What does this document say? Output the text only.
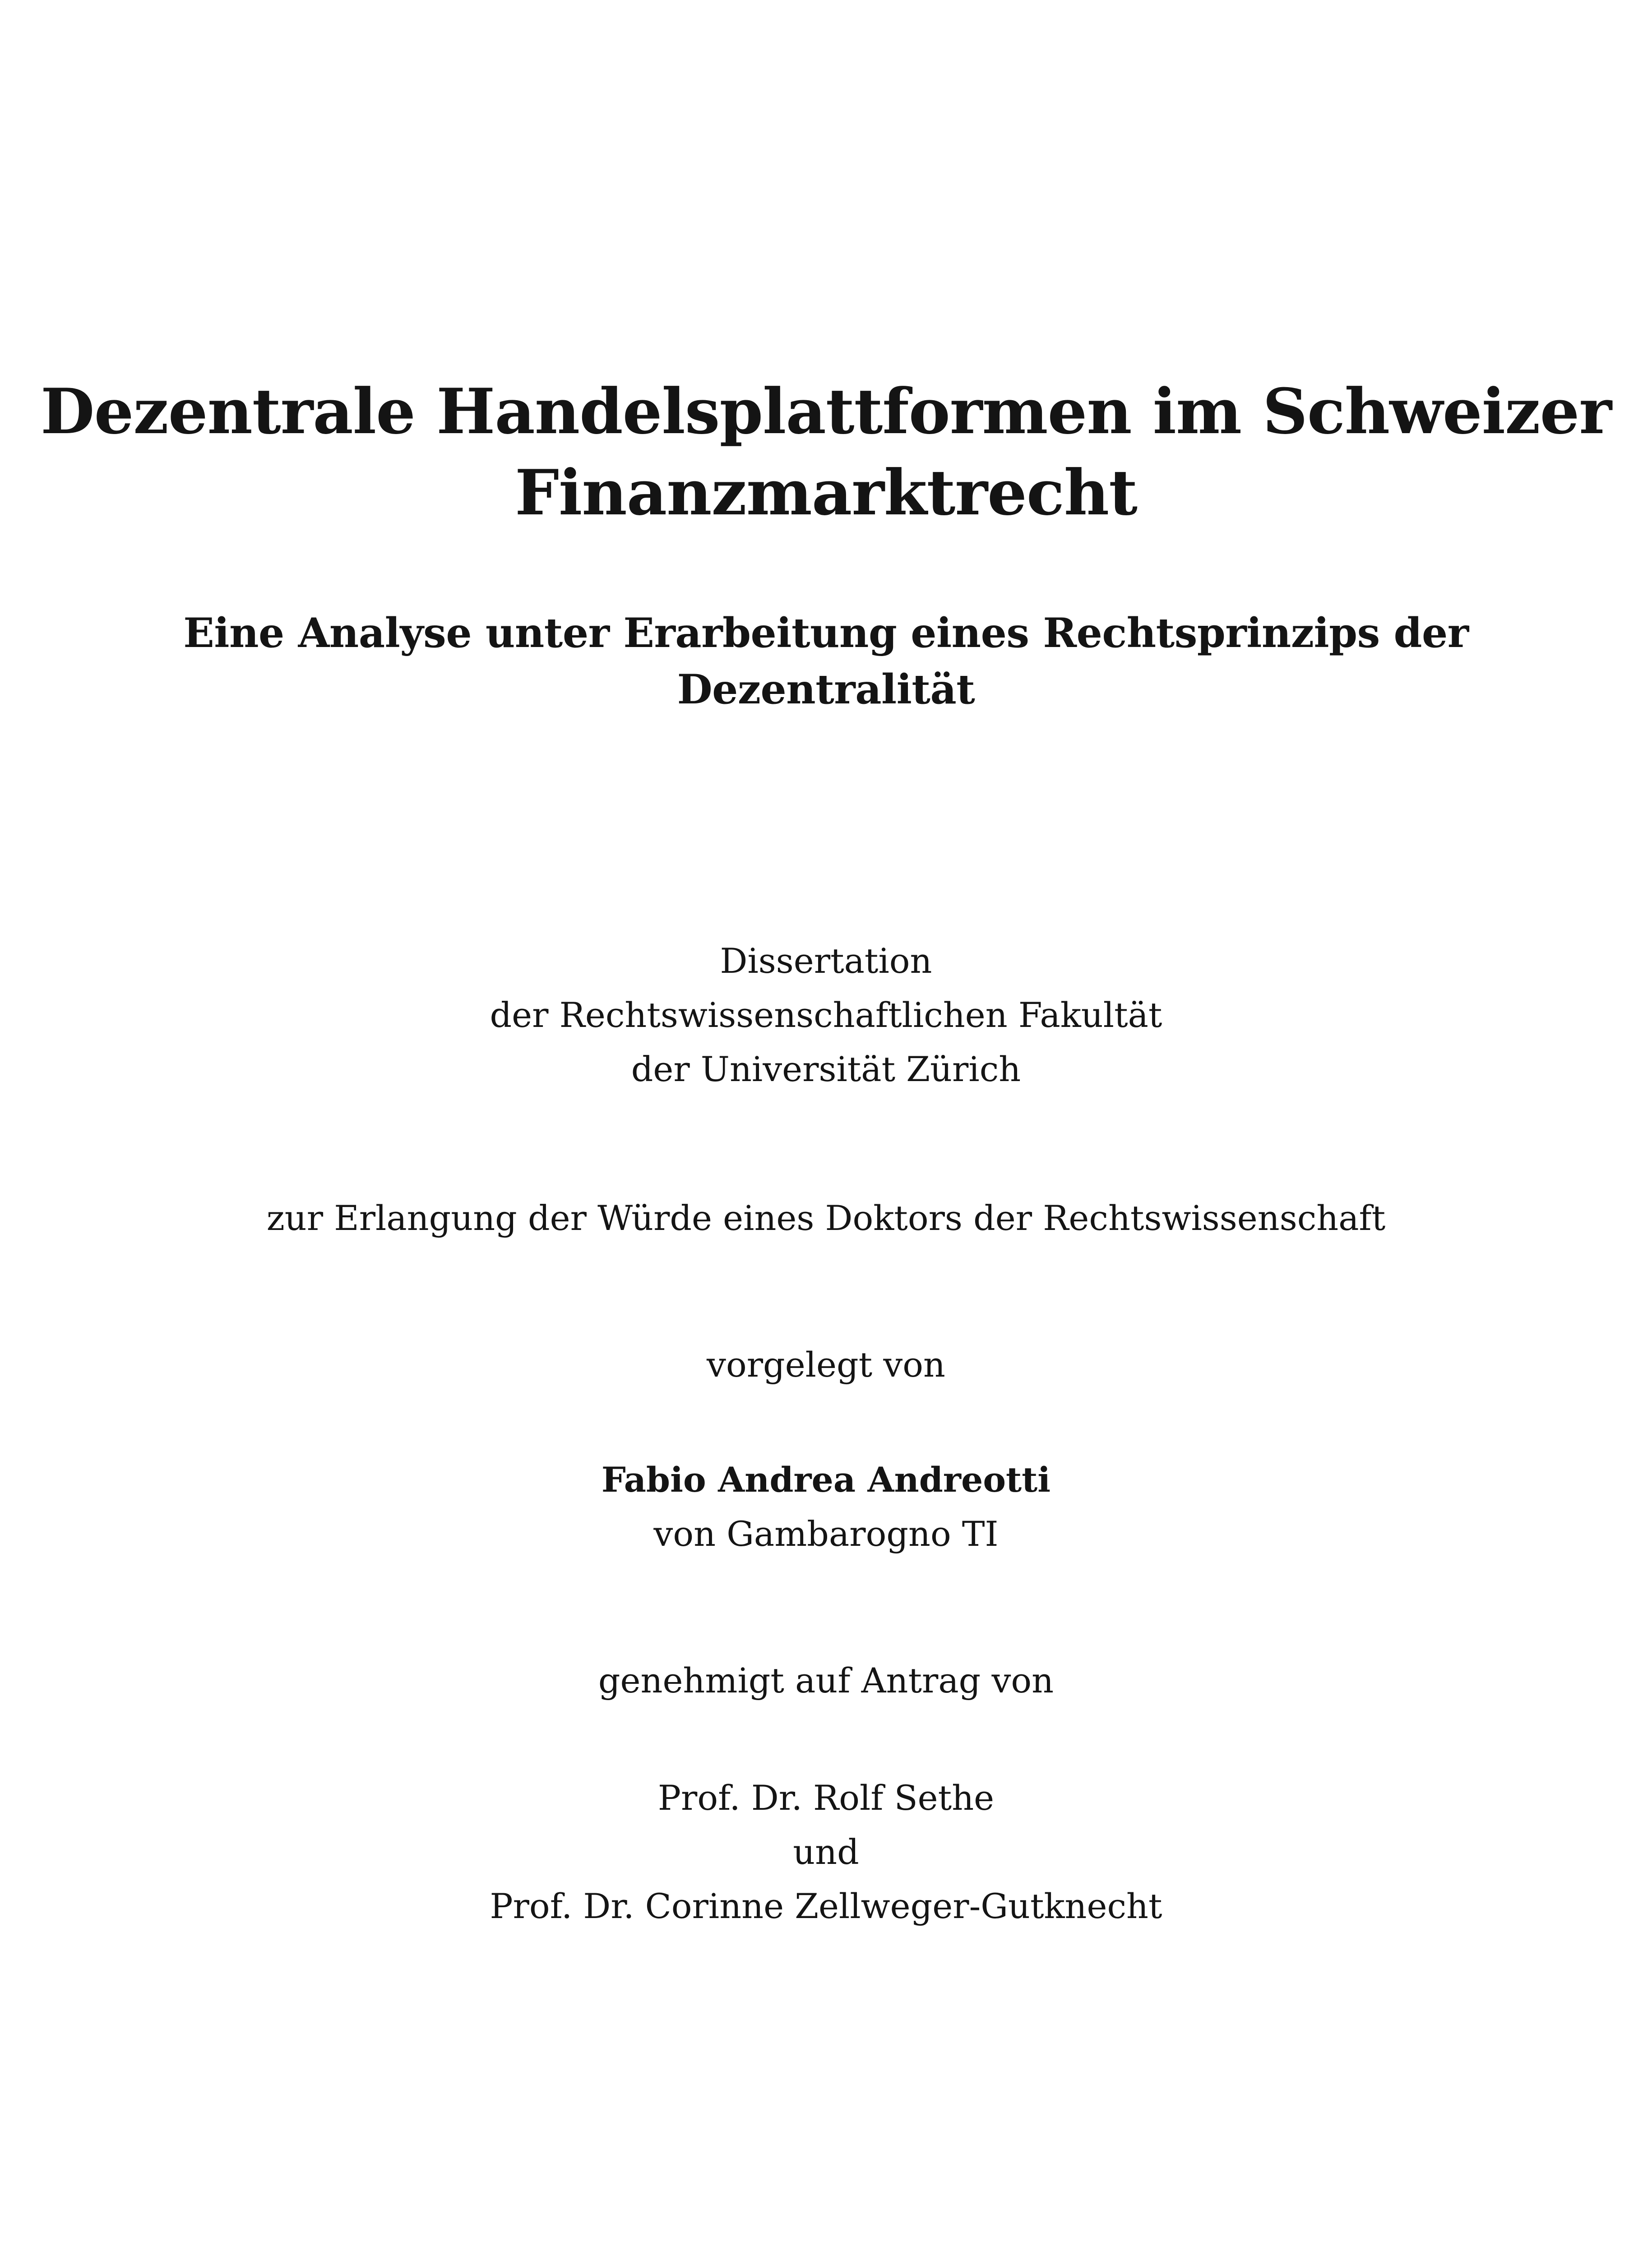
Dezentrale Handelsplattformen im Schweizer
Finanzmarktrecht
Eine Analyse unter Erarbeitung eines Rechtsprinzips der
Dezentralität
Dissertation
der Rechtswissenschaftlichen Fakultät
der Universität Zürich
zur Erlangung der Würde eines Doktors der Rechtswissenschaft
vorgelegt von
Fabio Andrea Andreotti
von Gambarogno TI
genehmigt auf Antrag von
Prof. Dr. Rolf Sethe
und
Prof. Dr. Corinne Zellweger-Gutknecht
